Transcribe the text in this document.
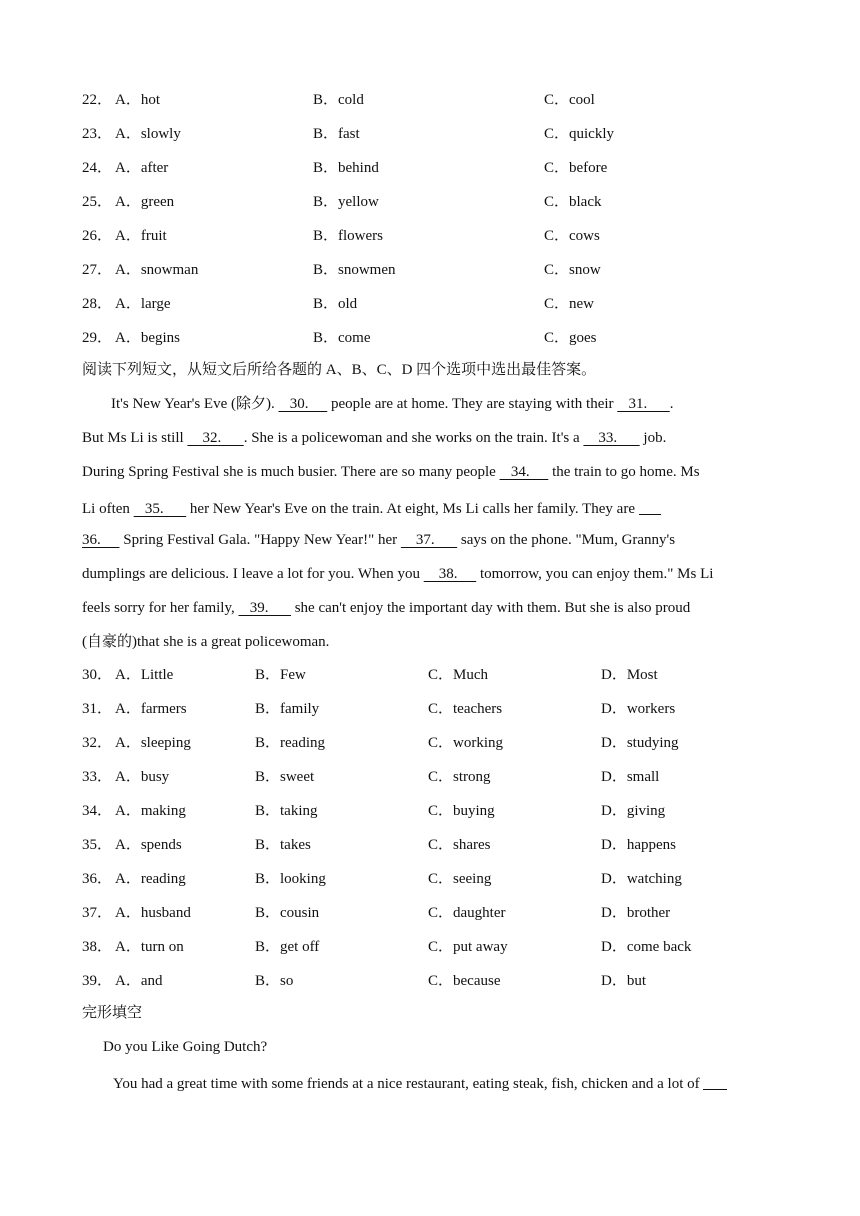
22． A．hot	B．cold	C．cool
23． A．slowly	B．fast	C．quickly
24． A．after	B．behind	C．before
25． A．green	B．yellow	C．black
26． A．fruit	B．flowers	C．cows
27． A．snowman	B．snowmen	C．snow
28． A．large	B．old	C．new
29． A．begins	B．come	C．goes
阅读下列短文，从短文后所给各题的 A、B、C、D 四个选项中选出最佳答案。
It's New Year's Eve (除夕).    30.      people are at home. They are staying with their    31.      .
But Ms Li is still     32.      . She is a policewoman and she works on the train. It's a     33.       job.
During Spring Festival she is much busier. There are so many people    34.      the train to go home. Ms
Li often    35.       her New Year's Eve on the train. At eight, Ms Li calls her family. They are
36.      Spring Festival Gala. "Happy New Year!" her     37.       says on the phone. "Mum, Granny's
dumplings are delicious. I leave a lot for you. When you     38.      tomorrow, you can enjoy them." Ms Li
feels sorry for her family,    39.       she can't enjoy the important day with them. But she is also proud
(自豪的)that she is a great policewoman.
30． A．Little	B．Few	C．Much	D．Most
31． A．farmers	B．family	C．teachers	D．workers
32． A．sleeping	B．reading	C．working	D．studying
33． A．busy	B．sweet	C．strong	D．small
34． A．making	B．taking	C．buying	D．giving
35． A．spends	B．takes	C．shares	D．happens
36． A．reading	B．looking	C．seeing	D．watching
37． A．husband	B．cousin	C．daughter	D．brother
38． A．turn on	B．get off	C．put away	D．come back
39． A．and	B．so	C．because	D．but
完形填空
Do you Like Going Dutch?
You had a great time with some friends at a nice restaurant, eating steak, fish, chicken and a lot of
